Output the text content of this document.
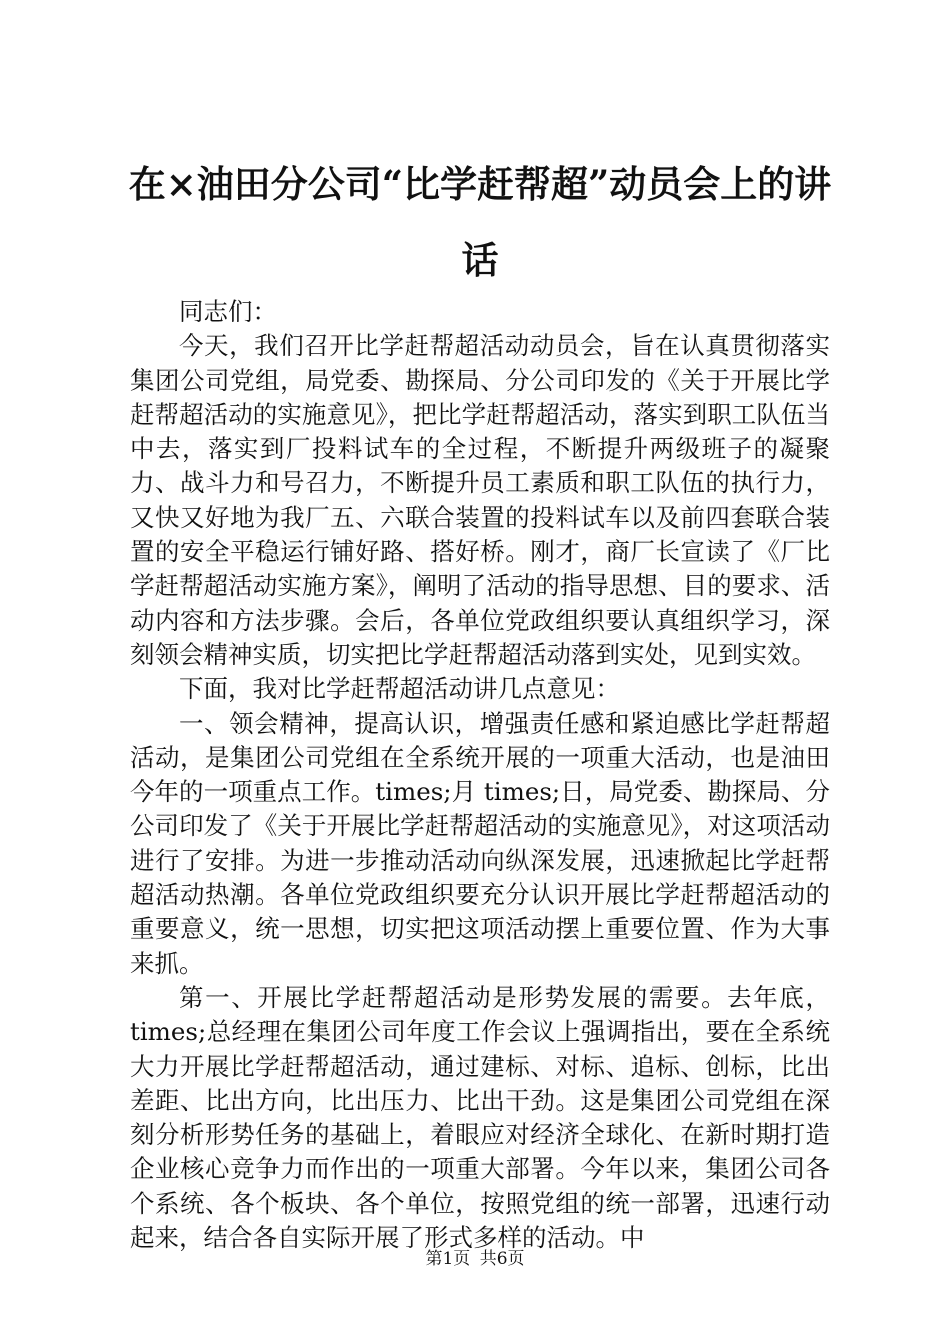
在×油田分公司“比学赶帮超”动员会上的讲话

同志们：

今天，我们召开比学赶帮超活动动员会，旨在认真贯彻落实集团公司党组，局党委、勘探局、分公司印发的《关于开展比学赶帮超活动的实施意见》，把比学赶帮超活动，落实到职工队伍当中去，落实到厂投料试车的全过程，不断提升两级班子的凝聚力、战斗力和号召力，不断提升员工素质和职工队伍的执行力，又快又好地为我厂五、六联合装置的投料试车以及前四套联合装置的安全平稳运行铺好路、搭好桥。刚才，商厂长宣读了《厂比学赶帮超活动实施方案》，阐明了活动的指导思想、目的要求、活动内容和方法步骤。会后，各单位党政组织要认真组织学习，深刻领会精神实质，切实把比学赶帮超活动落到实处，见到实效。

下面，我对比学赶帮超活动讲几点意见：

一、领会精神，提高认识，增强责任感和紧迫感比学赶帮超活动，是集团公司党组在全系统开展的一项重大活动，也是油田今年的一项重点工作。times;月 times;日，局党委、勘探局、分公司印发了《关于开展比学赶帮超活动的实施意见》，对这项活动进行了安排。为进一步推动活动向纵深发展，迅速掀起比学赶帮超活动热潮。各单位党政组织要充分认识开展比学赶帮超活动的重要意义，统一思想，切实把这项活动摆上重要位置、作为大事来抓。

第一、开展比学赶帮超活动是形势发展的需要。去年底，times;总经理在集团公司年度工作会议上强调指出，要在全系统大力开展比学赶帮超活动，通过建标、对标、追标、创标，比出差距、比出方向，比出压力、比出干劲。这是集团公司党组在深刻分析形势任务的基础上，着眼应对经济全球化、在新时期打造企业核心竞争力而作出的一项重大部署。今年以来，集团公司各个系统、各个板块、各个单位，按照党组的统一部署，迅速行动起来，结合各自实际开展了形式多样的活动。中

第1页 共6页
